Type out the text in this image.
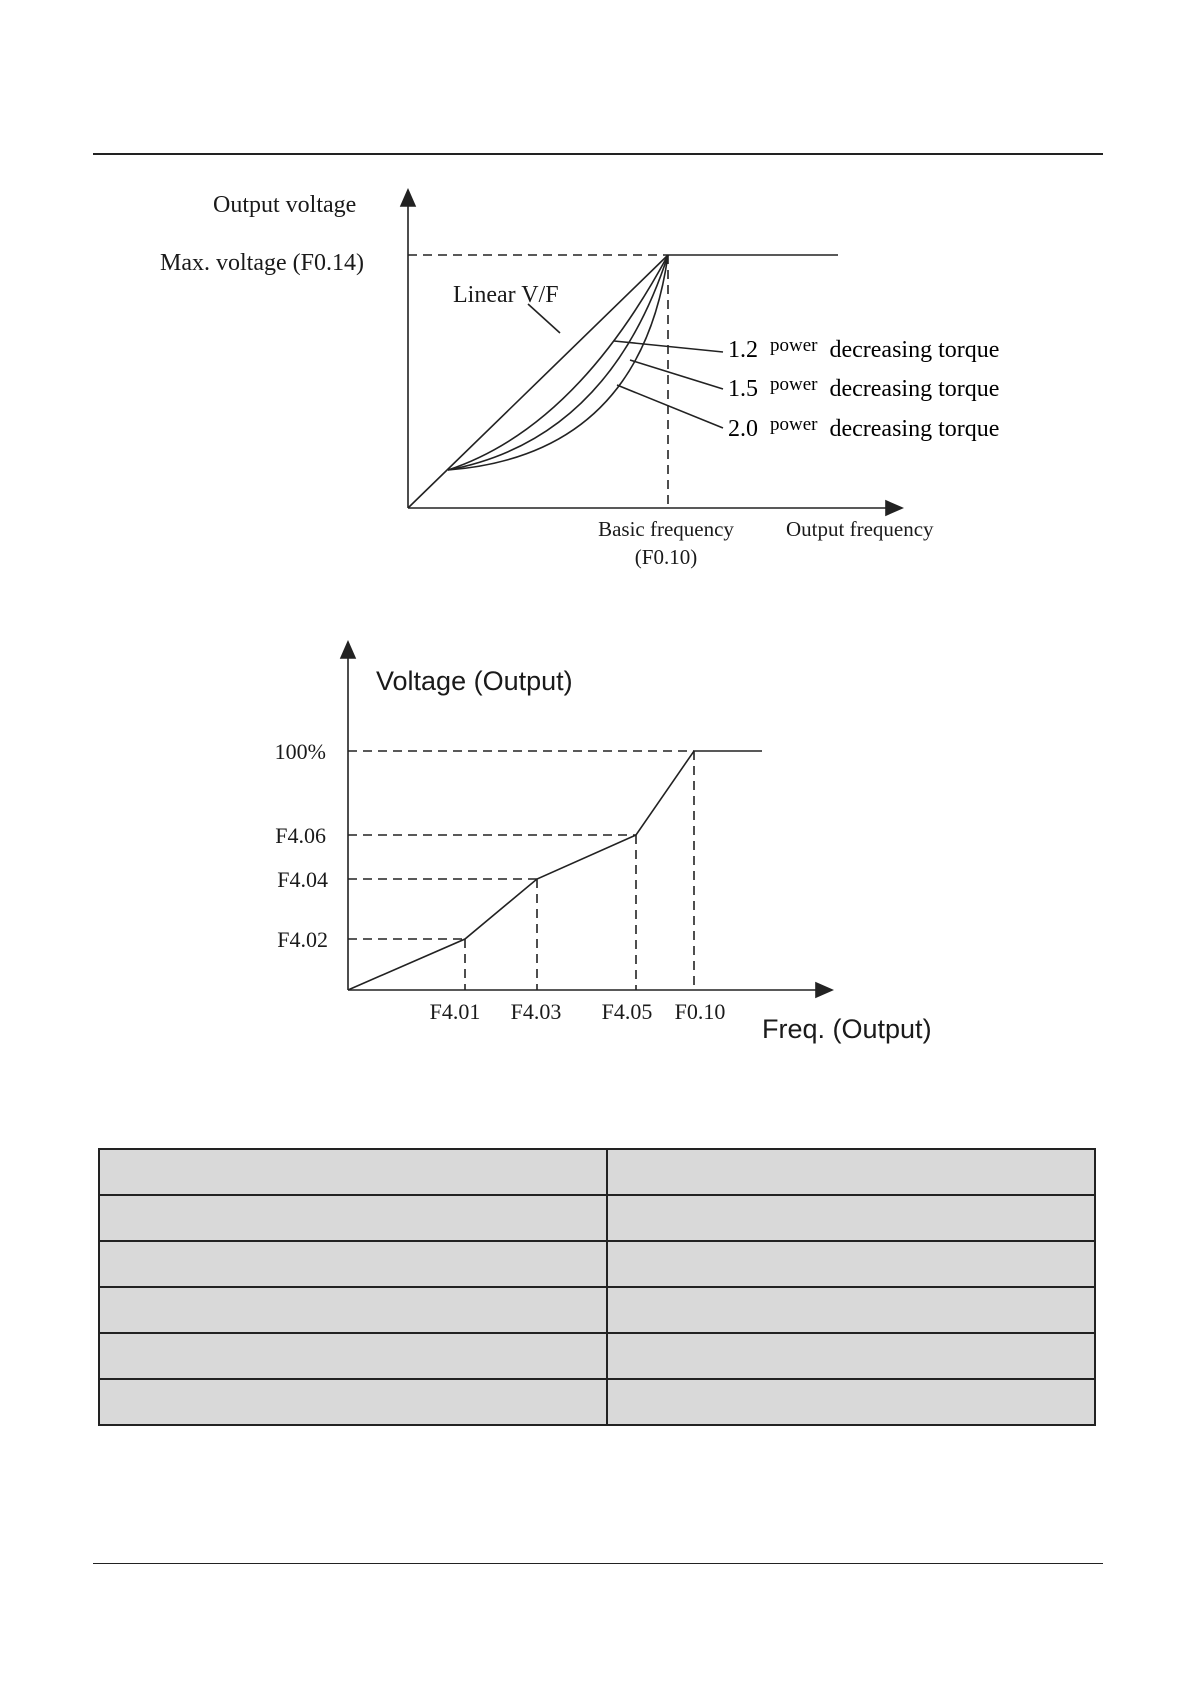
Output voltage
Max. voltage (F0.14)
Linear V/F
1.2 power decreasing torque
1.5 power decreasing torque
2.0 power decreasing torque
Basic frequency
(F0.10)
Output frequency
Voltage (Output)
Freq. (Output)
100%
F4.06
F4.04
F4.02
F4.01 F4.03 F4.05 F0.10
